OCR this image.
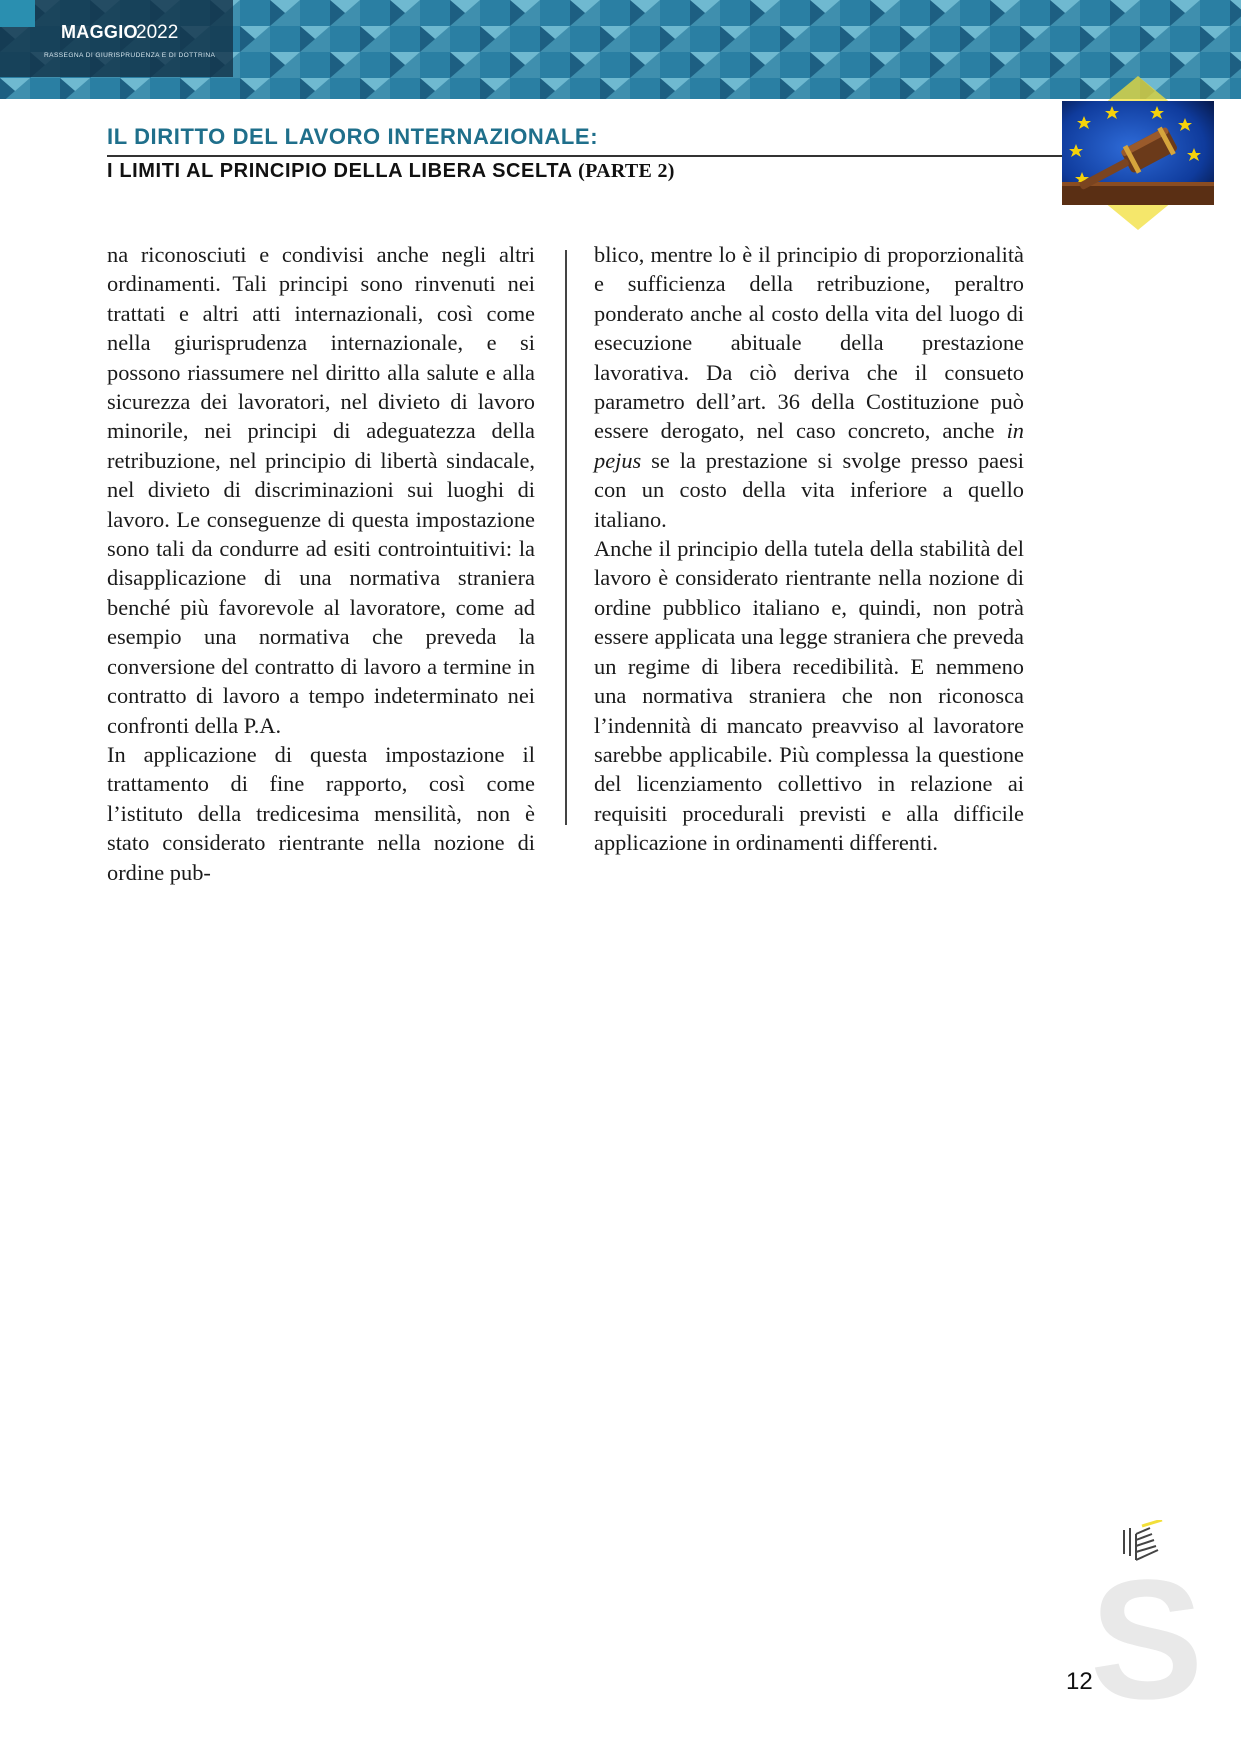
MAGGIO
2022
RASSEGNA DI GIURISPRUDENZA E DI DOTTRINA
IL DIRITTO DEL LAVORO INTERNAZIONALE:
I LIMITI AL PRINCIPIO DELLA LIBERA SCELTA (PARTE 2)

na riconosciuti e condivisi anche negli altri ordinamenti. Tali principi sono rinvenuti nei trattati e altri atti internazionali, così come nella giurisprudenza internazionale, e si possono riassumere nel diritto alla salute e alla sicurezza dei lavoratori, nel divieto di lavoro minorile, nei principi di adeguatezza della retribuzione, nel principio di libertà sindacale, nel divieto di discriminazioni sui luoghi di lavoro. Le conseguenze di questa impostazione sono tali da condurre ad esiti controintuitivi: la disapplicazione di una normativa straniera benché più favorevole al lavoratore, come ad esempio una normativa che preveda la conversione del contratto di lavoro a termine in contratto di lavoro a tempo indeterminato nei confronti della P.A.

In applicazione di questa impostazione il trattamento di fine rapporto, così come l’istituto della tredicesima mensilità, non è stato considerato rientrante nella nozione di ordine pub-

blico, mentre lo è il principio di proporzionalità e sufficienza della retribuzione, peraltro ponderato anche al costo della vita del luogo di esecuzione abituale della prestazione lavorativa. Da ciò deriva che il consueto parametro dell’art. 36 della Costituzione può essere derogato, nel caso concreto, anche in pejus se la prestazione si svolge presso paesi con un costo della vita inferiore a quello italiano.

Anche il principio della tutela della stabilità del lavoro è considerato rientrante nella nozione di ordine pubblico italiano e, quindi, non potrà essere applicata una legge straniera che preveda un regime di libera recedibilità. E nemmeno una normativa straniera che non riconosca l’indennità di mancato preavviso al lavoratore sarebbe applicabile. Più complessa la questione del licenziamento collettivo in relazione ai requisiti procedurali previsti e alla difficile applicazione in ordinamenti differenti.

S
12
